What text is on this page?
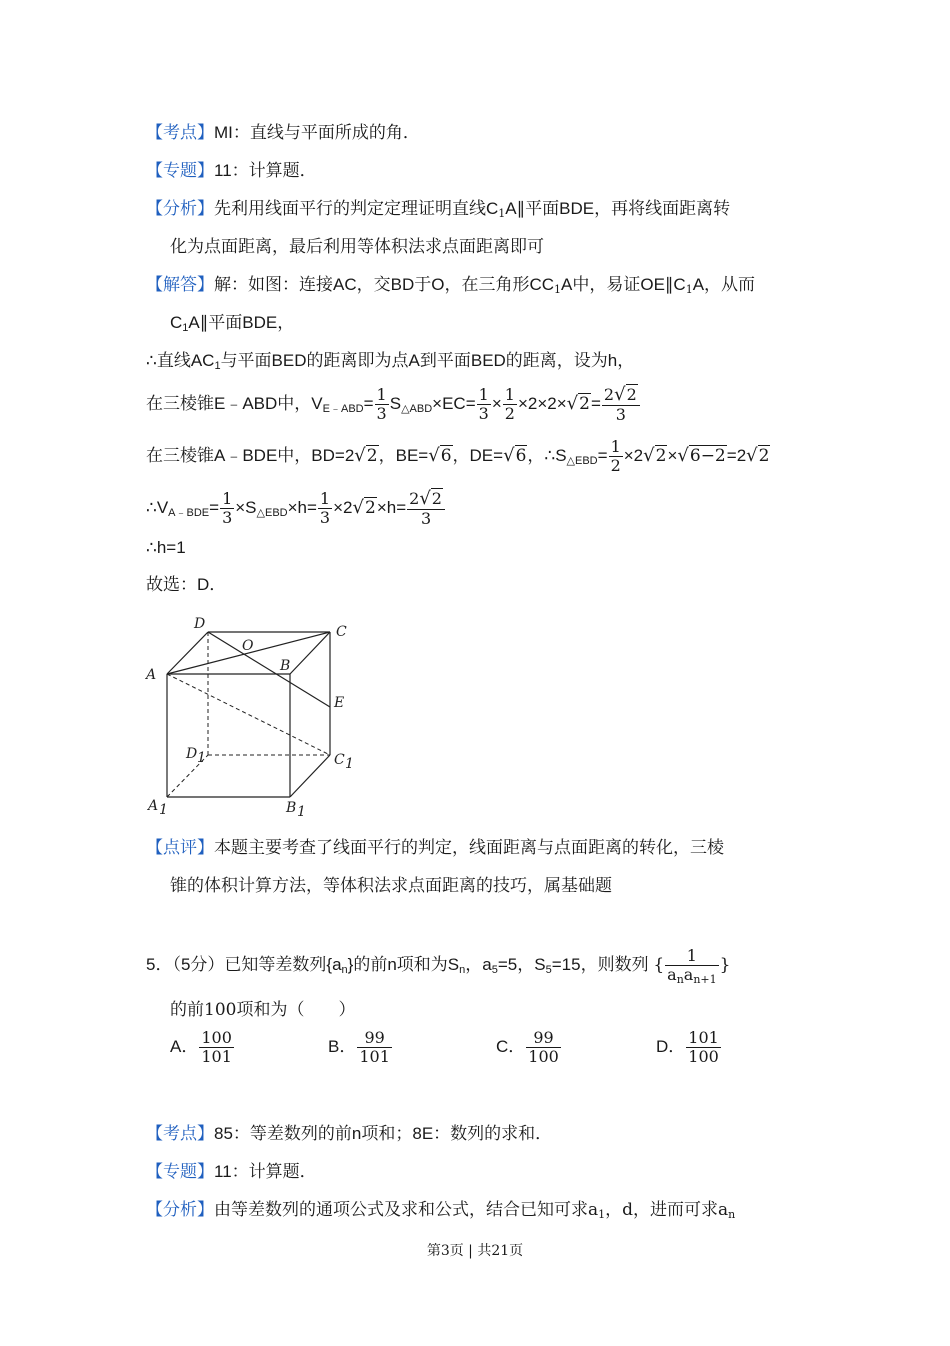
【考点】MI：直线与平面所成的角．
【专题】11：计算题．
【分析】先利用线面平行的判定定理证明直线$C_1A\parallel$平面BDE，再将线面距离转
化为点面距离，最后利用等体积法求点面距离即可
【解答】解：如图：连接AC，交BD于O，在三角形$CC_1A$中，易证$OE\parallel C_1A$，从而
$C_1A\parallel$平面BDE，
∴直线$AC_1$与平面BED的距离即为点A到平面BED的距离，设为h，
在三棱锥E﹣ABD中，$V_{E﹣ABD}= \frac{1}{3} S_{\triangle ABD}\times EC= \frac{1}{3} \times \frac{1}{2} \times 2\times 2\times√2= \frac{2√2}{3}$
在三棱锥A﹣BDE中，BD=2√2，BE=√6，DE=√6，$\therefore S_{\triangle EBD}= \frac{1}{2} \times 2√2\times√6-2=2√2$
$\therefore V_{A﹣BDE}= \frac{1}{3} \times S_{\triangle EBD}\times h= \frac{1}{3} \times 2√2\times h= \frac{2√2}{3}$
∴h=1
故选：D．
D
O
C
A
B
E
D 1	C 1
A 1	B 1
【点评】本题主要考查了线面平行的判定，线面距离与点面距离的转化，三棱
锥的体积计算方法，等体积法求点面距离的技巧，属基础题
5．（5分）已知等差数列$\{a_n\}$的前n项和为$S_n$，$a_5=5$，$S_5=15$，则数列 { $\frac{1}{a_na_{n+1}}$ }
的前100项和为（　　）
A． $\frac{100}{101}$	B． $\frac{99}{101}$	C． $\frac{99}{100}$	D． $\frac{101}{100}$
【考点】85：等差数列的前n项和；8E：数列的求和．
【专题】11：计算题．
【分析】由等差数列的通项公式及求和公式，结合已知可求$a_1$，d，进而可求$a_n$
第3页 | 共21页
